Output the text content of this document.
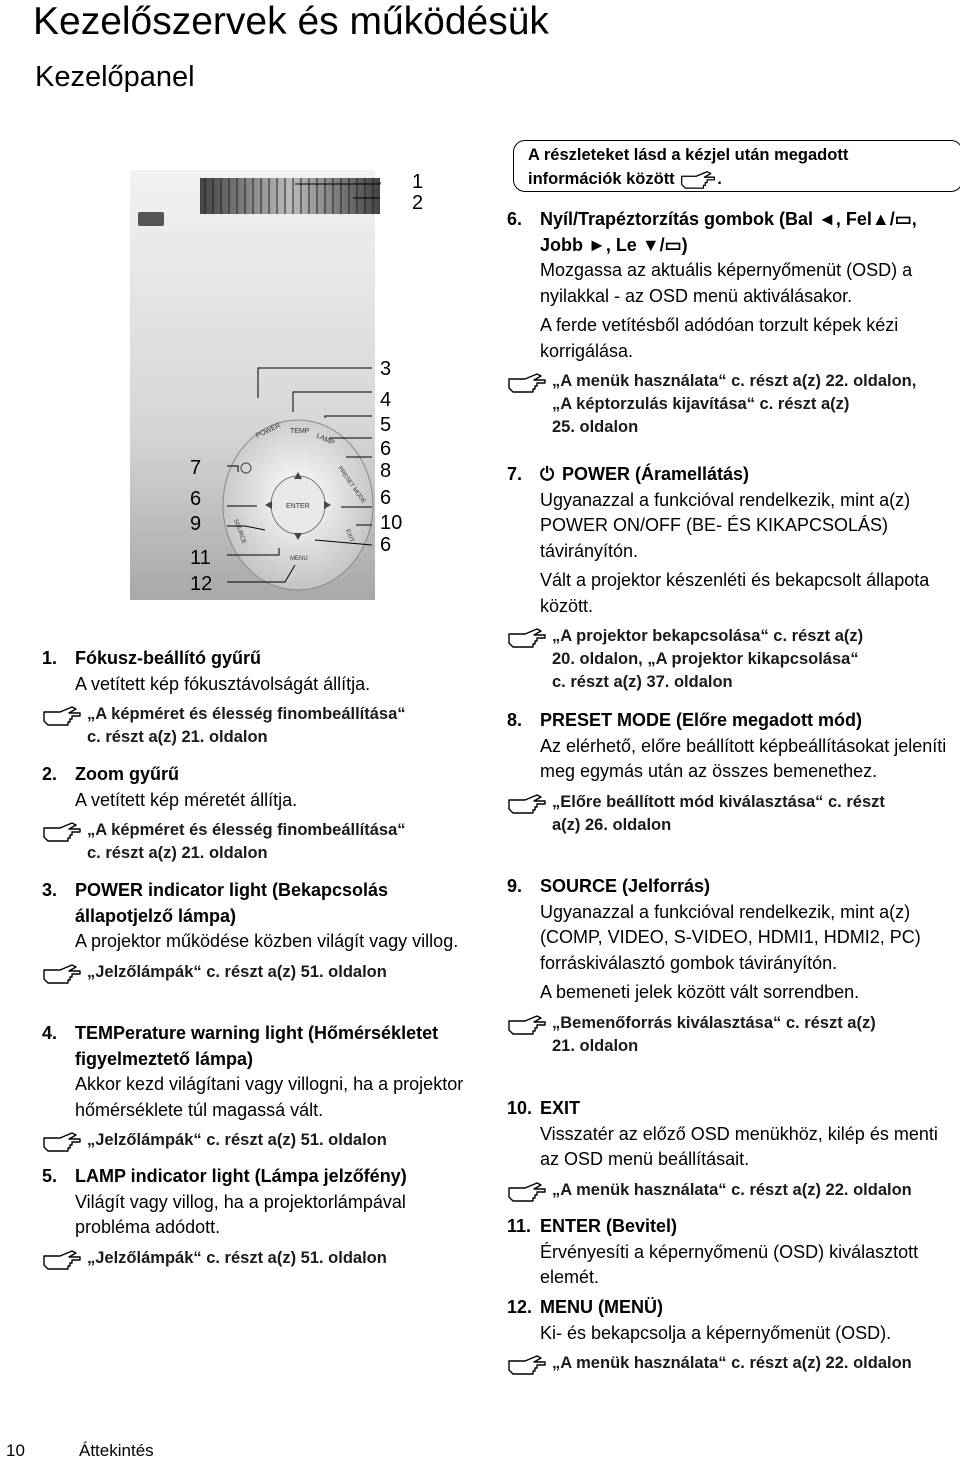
Kezelőszervek és működésük
Kezelőpanel
ENTER
POWER TEMP
LAMP
SOURCE
MENU
PRESET MODE
EXIT
1
2
3
4
5
6
8
6
10
6
7
6
9
11
12
A részleteket lásd a kézjel után megadott
információk között	.
1. Fókusz-beállító gyűrű

A vetített kép fókusztávolságát állítja.

„A képméret és élesség finombeállítása“
c. részt a(z) 21. oldalon
2. Zoom gyűrű

A vetített kép méretét állítja.

„A képméret és élesség finombeállítása“
c. részt a(z) 21. oldalon
3. POWER indicator light (Bekapcsolás állapotjelző lámpa)

A projektor működése közben világít vagy villog.

„Jelzőlámpák“ c. részt a(z) 51. oldalon
4. TEMPerature warning light (Hőmérsékletet figyelmeztető lámpa)

Akkor kezd világítani vagy villogni, ha a projektor hőmérséklete túl magassá vált.

„Jelzőlámpák“ c. részt a(z) 51. oldalon
5. LAMP indicator light (Lámpa jelzőfény)

Világít vagy villog, ha a projektorlámpával probléma adódott.

„Jelzőlámpák“ c. részt a(z) 51. oldalon
6. Nyíl/Trapéztorzítás gombok (Bal ◄, Fel▲/▭, Jobb ►, Le ▼/▭)

Mozgassa az aktuális képernyőmenüt (OSD) a nyilakkal - az OSD menü aktiválásakor.

A ferde vetítésből adódóan torzult képek kézi korrigálása.

„A menük használata“ c. részt a(z) 22. oldalon,
„A képtorzulás kijavítása“ c. részt a(z)
25. oldalon
7. ⏻ POWER (Áramellátás)

Ugyanazzal a funkcióval rendelkezik, mint a(z) POWER ON/OFF (BE- ÉS KIKAPCSOLÁS) távirányítón.

Vált a projektor készenléti és bekapcsolt állapota között.

„A projektor bekapcsolása“ c. részt a(z)
20. oldalon, „A projektor kikapcsolása“
c. részt a(z) 37. oldalon
8. PRESET MODE (Előre megadott mód)

Az elérhető, előre beállított képbeállításokat jeleníti meg egymás után az összes bemenethez.

„Előre beállított mód kiválasztása“ c. részt
a(z) 26. oldalon
9. SOURCE (Jelforrás)

Ugyanazzal a funkcióval rendelkezik, mint a(z) (COMP, VIDEO, S-VIDEO, HDMI1, HDMI2, PC) forráskiválasztó gombok távirányítón.

A bemeneti jelek között vált sorrendben.

„Bemenőforrás kiválasztása“ c. részt a(z)
21. oldalon
10. EXIT

Visszatér az előző OSD menükhöz, kilép és menti az OSD menü beállításait.

„A menük használata“ c. részt a(z) 22. oldalon
11. ENTER (Bevitel)

Érvényesíti a képernyőmenü (OSD) kiválasztott elemét.

12. MENU (MENÜ)

Ki- és bekapcsolja a képernyőmenüt (OSD).

„A menük használata“ c. részt a(z) 22. oldalon
10	Áttekintés
